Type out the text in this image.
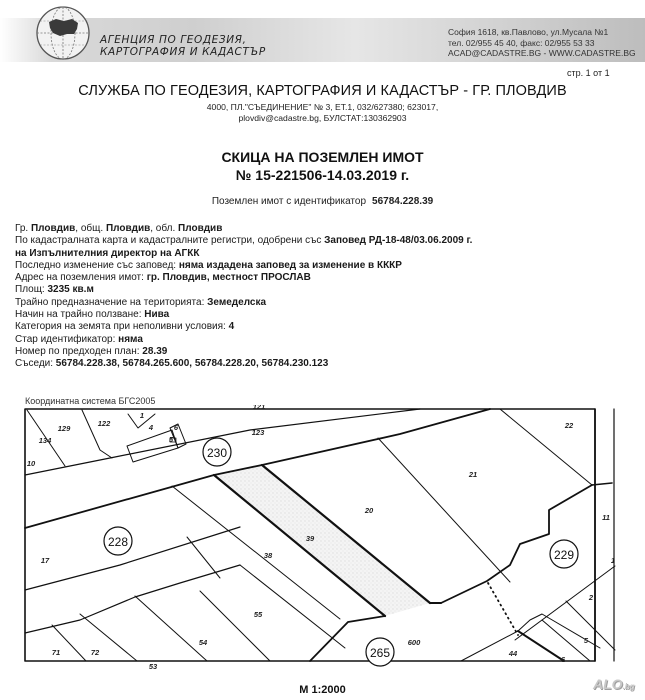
АГЕНЦИЯ ПО ГЕОДЕЗИЯ,
КАРТОГРАФИЯ И КАДАСТЪР
София 1618, кв.Павлово, ул.Мусала №1
тел. 02/955 45 40, факс: 02/955 53 33
ACAD@CADASTRE.BG - WWW.CADASTRE.BG
стр. 1 от 1
СЛУЖБА ПО ГЕОДЕЗИЯ, КАРТОГРАФИЯ И КАДАСТЪР - ГР. ПЛОВДИВ
4000, ПЛ."СЪЕДИНЕНИЕ" № 3, ЕТ.1, 032/627380; 623017,
plovdiv@cadastre.bg, БУЛСТАТ:130362903
СКИЦА НА ПОЗЕМЛЕН ИМОТ
№ 15-221506-14.03.2019 г.
Поземлен имот с идентификатор 56784.228.39
Гр. Пловдив, общ. Пловдив, обл. Пловдив
По кадастралната карта и кадастралните регистри, одобрени със Заповед РД-18-48/03.06.2009 г.
на Изпълнителния директор на АГКК
Последно изменение със заповед: няма издадена заповед за изменение в КККР
Адрес на поземления имот: гр. Пловдив, местност ПРОСЛАВ
Площ: 3235 кв.м
Трайно предназначение на територията: Земеделска
Начин на трайно ползване: Нива
Категория на земята при неполивни условия: 4
Стар идентификатор: няма
Номер по предходен план: 28.39
Съседи: 56784.228.38, 56784.265.600, 56784.228.20, 56784.230.123
Координатна система БГС2005
230
228
229
265
129
122
134
10
1
4	6
5
121
123
22
21
20
39
38
17
11
1
2
55
54
53
72
71
600
44
6
5
М 1:2000	ALO.bg
